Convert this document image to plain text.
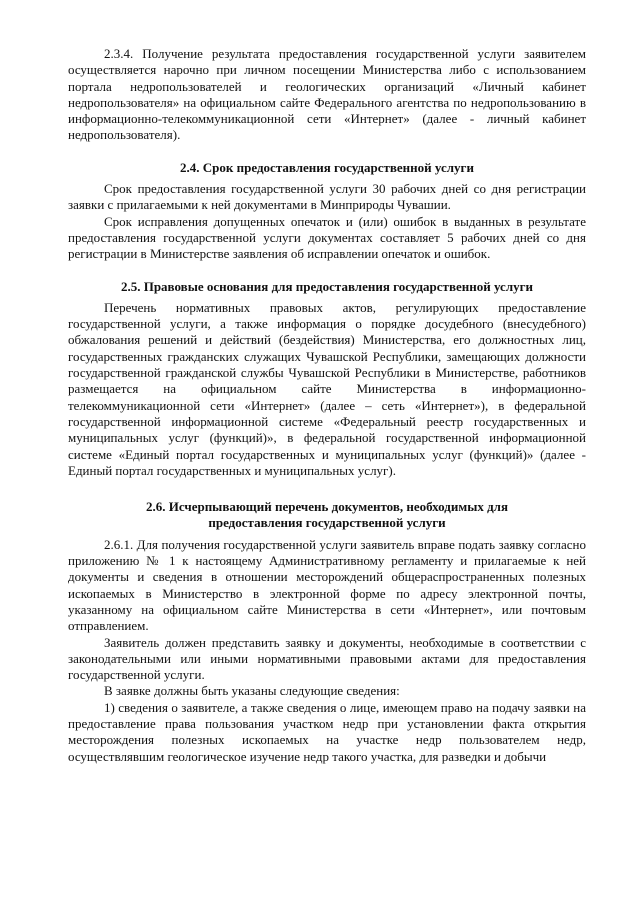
2.3.4. Получение результата предоставления государственной услуги заявителем осуществляется нарочно при личном посещении Министерства либо с использованием портала недропользователей и геологических организаций «Личный кабинет недропользователя» на официальном сайте Федерального агентства по недропользованию в информационно-телекоммуникационной сети «Интернет» (далее - личный кабинет недропользователя).

2.4. Срок предоставления государственной услуги

Срок предоставления государственной услуги 30 рабочих дней со дня регистрации заявки с прилагаемыми к ней документами в Минприроды Чувашии.

Срок исправления допущенных опечаток и (или) ошибок в выданных в результате предоставления государственной услуги документах составляет 5 рабочих дней со дня регистрации в Министерстве заявления об исправлении опечаток и ошибок.

2.5. Правовые основания для предоставления государственной услуги

Перечень нормативных правовых актов, регулирующих предоставление государственной услуги, а также информация о порядке досудебного (внесудебного) обжалования решений и действий (бездействия) Министерства, его должностных лиц, государственных гражданских служащих Чувашской Республики, замещающих должности государственной гражданской службы Чувашской Республики в Министерстве, работников размещается на официальном сайте Министерства в информационно-телекоммуникационной сети «Интернет» (далее – сеть «Интернет»), в федеральной государственной информационной системе «Федеральный реестр государственных и муниципальных услуг (функций)», в федеральной государственной информационной системе «Единый портал государственных и муниципальных услуг (функций)» (далее - Единый портал государственных и муниципальных услуг).

2.6. Исчерпывающий перечень документов, необходимых для

предоставления государственной услуги

2.6.1. Для получения государственной услуги заявитель вправе подать заявку согласно приложению № 1 к настоящему Административному регламенту и прилагаемые к ней документы и сведения в отношении месторождений общераспространенных полезных ископаемых в Министерство в электронной форме по адресу электронной почты, указанному на официальном сайте Министерства в сети «Интернет», или почтовым отправлением.

Заявитель должен представить заявку и документы, необходимые в соответствии с законодательными или иными нормативными правовыми актами для предоставления государственной услуги.

В заявке должны быть указаны следующие сведения:

1) сведения о заявителе, а также сведения о лице, имеющем право на подачу заявки на предоставление права пользования участком недр при установлении факта открытия месторождения полезных ископаемых на участке недр пользователем недр, осуществлявшим геологическое изучение недр такого участка, для разведки и добычи
